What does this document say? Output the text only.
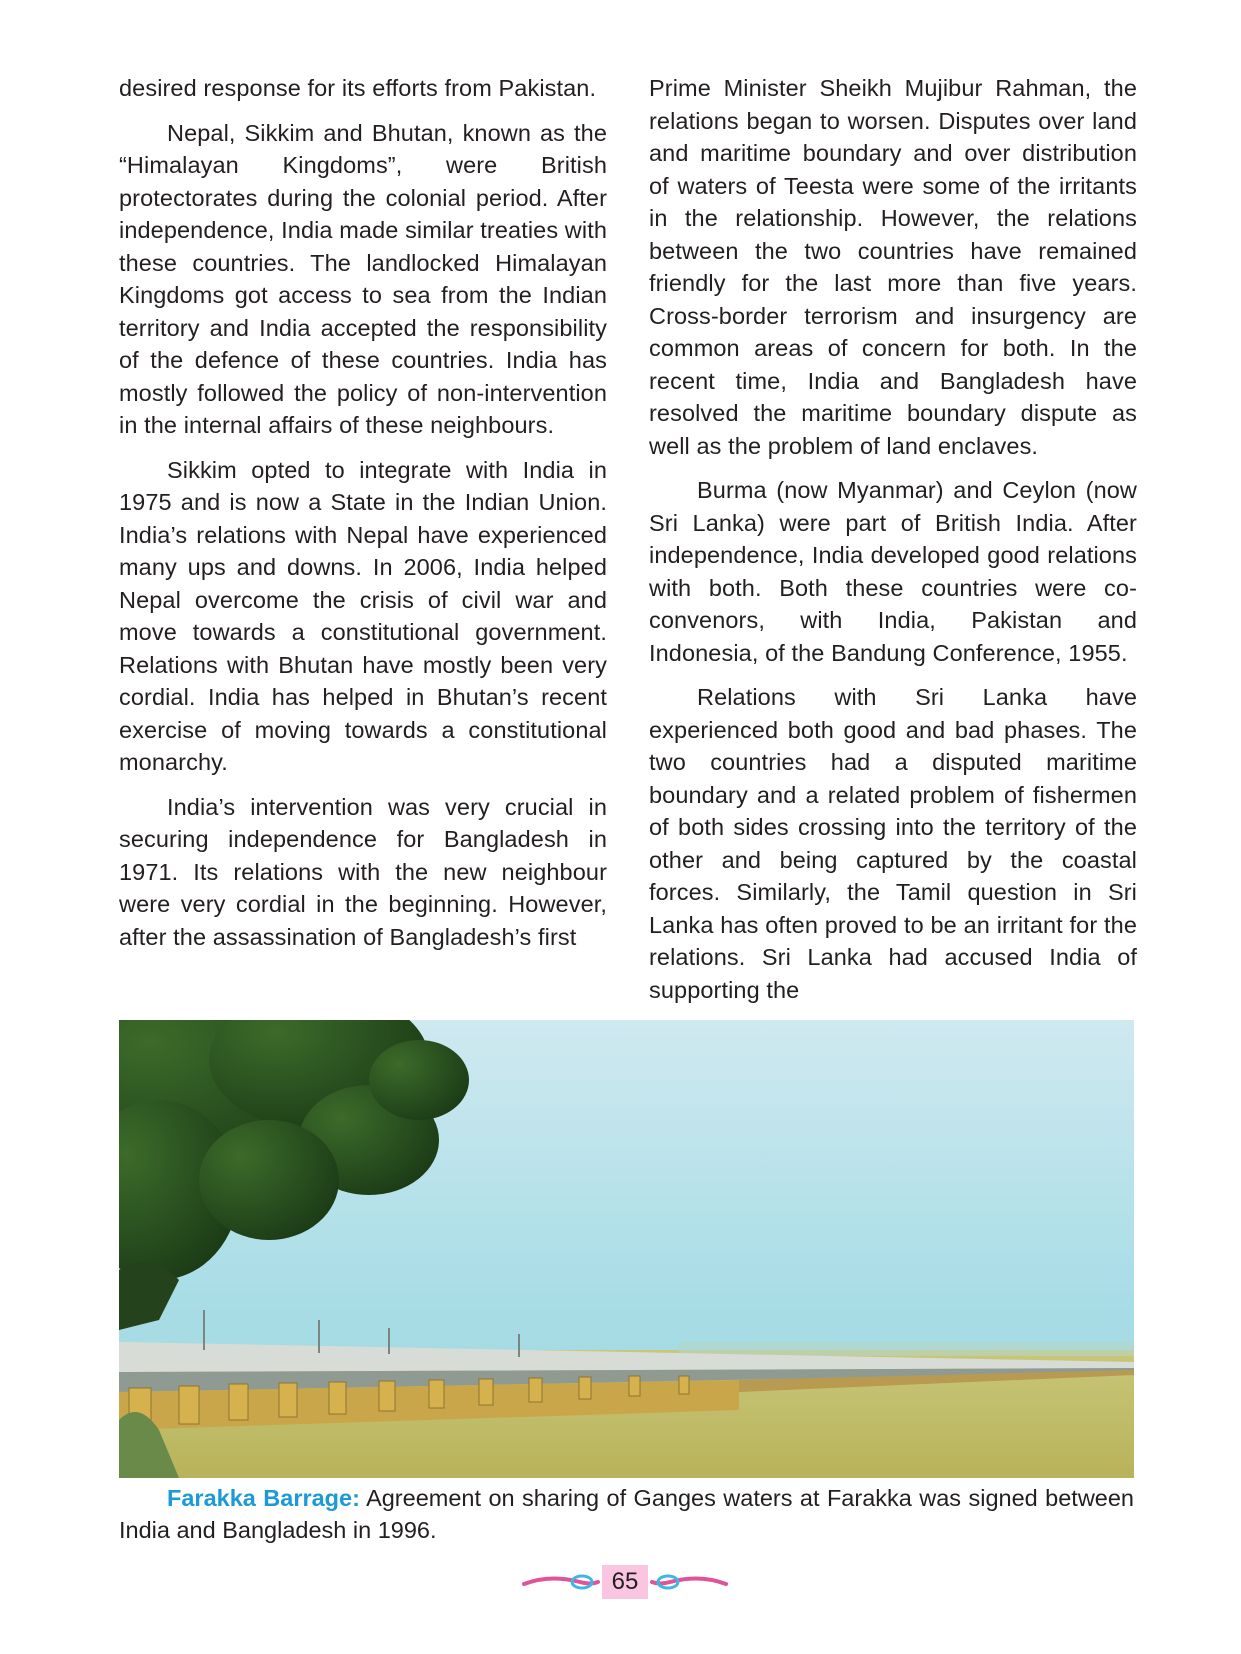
desired response for its efforts from Pakistan.

Nepal, Sikkim and Bhutan, known as the “Himalayan Kingdoms”, were British protectorates during the colonial period. After independence, India made similar treaties with these countries. The landlocked Himalayan Kingdoms got access to sea from the Indian territory and India accepted the responsibility of the defence of these countries. India has mostly followed the policy of non-intervention in the internal affairs of these neighbours.

Sikkim opted to integrate with India in 1975 and is now a State in the Indian Union. India’s relations with Nepal have experienced many ups and downs. In 2006, India helped Nepal overcome the crisis of civil war and move towards a constitutional government. Relations with Bhutan have mostly been very cordial. India has helped in Bhutan’s recent exercise of moving towards a constitutional monarchy.

India’s intervention was very crucial in securing independence for Bangladesh in 1971. Its relations with the new neighbour were very cordial in the beginning. However, after the assassination of Bangladesh’s first

Prime Minister Sheikh Mujibur Rahman, the relations began to worsen. Disputes over land and maritime boundary and over distribution of waters of Teesta were some of the irritants in the relationship. However, the relations between the two countries have remained friendly for the last more than five years. Cross-border terrorism and insurgency are common areas of concern for both. In the recent time, India and Bangladesh have resolved the maritime boundary dispute as well as the problem of land enclaves.

Burma (now Myanmar) and Ceylon (now Sri Lanka) were part of British India. After independence, India developed good relations with both. Both these countries were co-convenors, with India, Pakistan and Indonesia, of the Bandung Conference, 1955.

Relations with Sri Lanka have experienced both good and bad phases. The two countries had a disputed maritime boundary and a related problem of fishermen of both sides crossing into the territory of the other and being captured by the coastal forces. Similarly, the Tamil question in Sri Lanka has often proved to be an irritant for the relations. Sri Lanka had accused India of supporting the

Farakka Barrage: Agreement on sharing of Ganges waters at Farakka was signed between India and Bangladesh in 1996.
65
